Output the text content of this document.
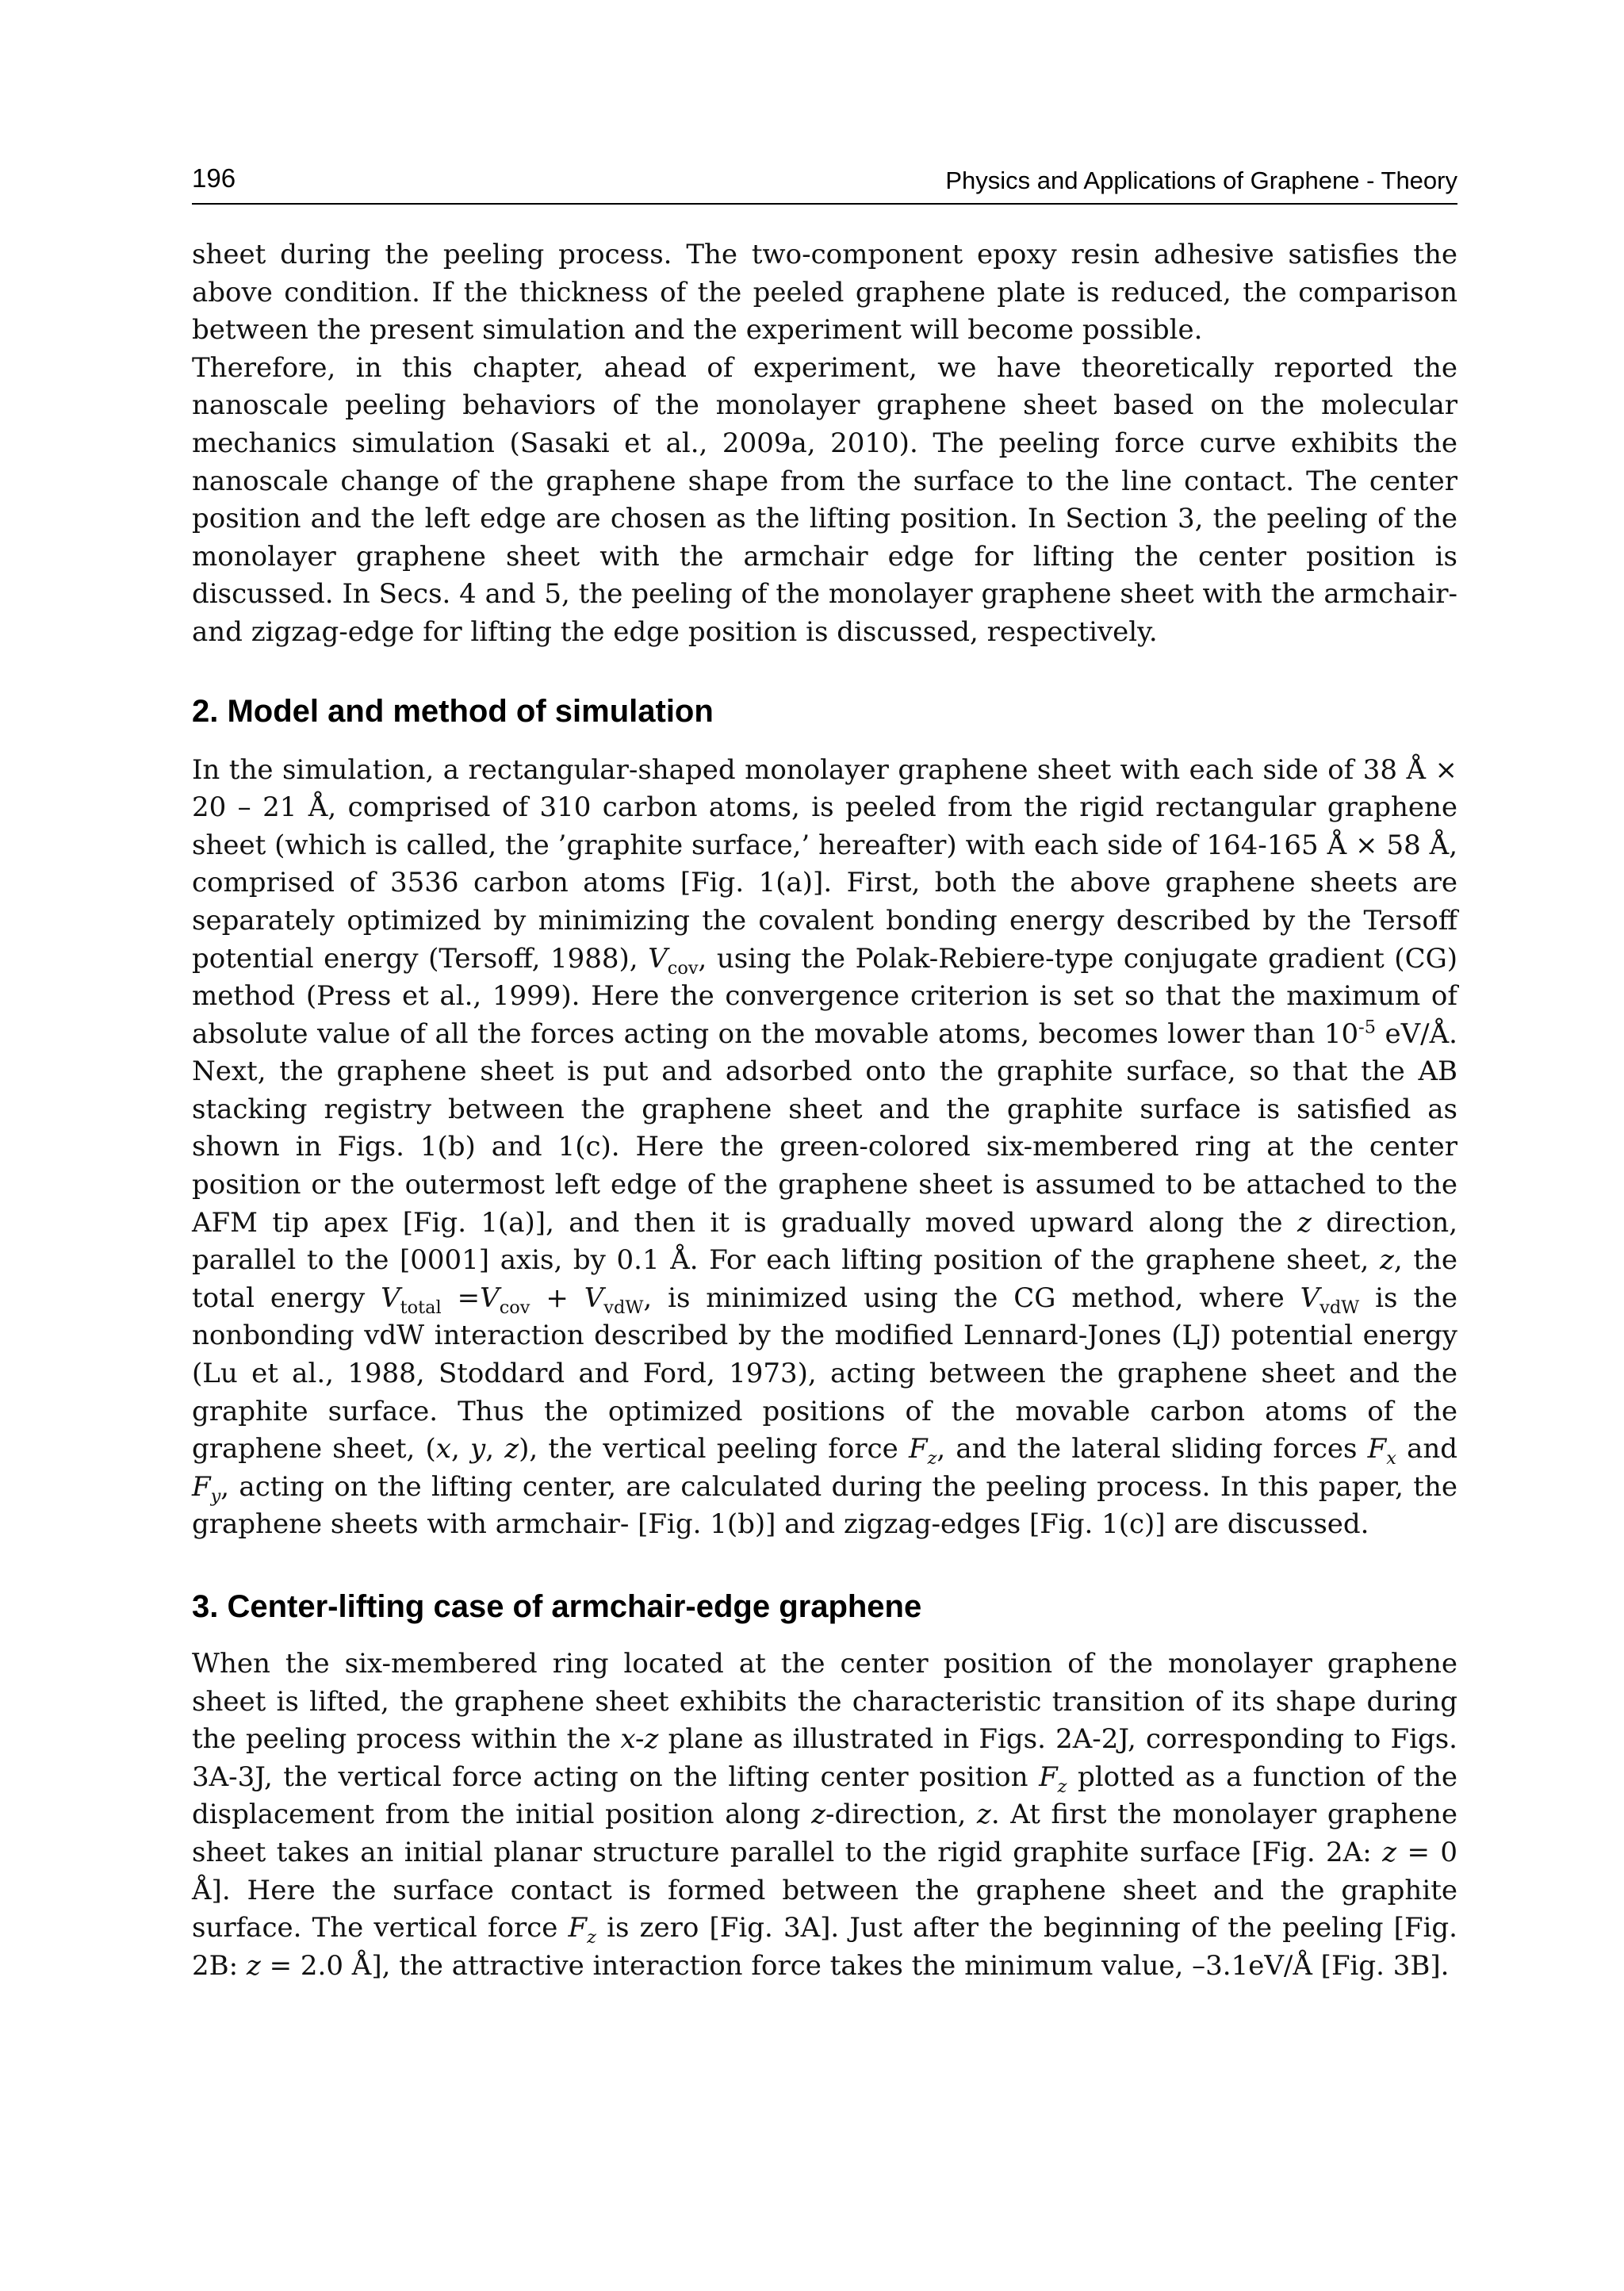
196	Physics and Applications of Graphene - Theory

sheet during the peeling process. The two-component epoxy resin adhesive satisfies the above condition. If the thickness of the peeled graphene plate is reduced, the comparison between the present simulation and the experiment will become possible.

Therefore, in this chapter, ahead of experiment, we have theoretically reported the nanoscale peeling behaviors of the monolayer graphene sheet based on the molecular mechanics simulation (Sasaki et al., 2009a, 2010). The peeling force curve exhibits the nanoscale change of the graphene shape from the surface to the line contact. The center position and the left edge are chosen as the lifting position. In Section 3, the peeling of the monolayer graphene sheet with the armchair edge for lifting the center position is discussed. In Secs. 4 and 5, the peeling of the monolayer graphene sheet with the armchair- and zigzag-edge for lifting the edge position is discussed, respectively.

2. Model and method of simulation

In the simulation, a rectangular-shaped monolayer graphene sheet with each side of 38 Å × 20 – 21 Å, comprised of 310 carbon atoms, is peeled from the rigid rectangular graphene sheet (which is called, the ’graphite surface,’ hereafter) with each side of 164-165 Å × 58 Å, comprised of 3536 carbon atoms [Fig. 1(a)]. First, both the above graphene sheets are separately optimized by minimizing the covalent bonding energy described by the Tersoff potential energy (Tersoff, 1988), $V_{cov}$, using the Polak-Rebiere-type conjugate gradient (CG) method (Press et al., 1999). Here the convergence criterion is set so that the maximum of absolute value of all the forces acting on the movable atoms, becomes lower than $10^{-5}$ eV/Å. Next, the graphene sheet is put and adsorbed onto the graphite surface, so that the AB stacking registry between the graphene sheet and the graphite surface is satisfied as shown in Figs. 1(b) and 1(c). Here the green-colored six-membered ring at the center position or the outermost left edge of the graphene sheet is assumed to be attached to the AFM tip apex [Fig. 1(a)], and then it is gradually moved upward along the z direction, parallel to the [0001] axis, by 0.1 Å. For each lifting position of the graphene sheet, z, the total energy $V_{total} =V_{cov} + V_{vdW}$, is minimized using the CG method, where $V_{vdW}$ is the nonbonding vdW interaction described by the modified Lennard-Jones (LJ) potential energy (Lu et al., 1988, Stoddard and Ford, 1973), acting between the graphene sheet and the graphite surface. Thus the optimized positions of the movable carbon atoms of the graphene sheet, (x, y, z), the vertical peeling force $F_z$, and the lateral sliding forces $F_x$ and $F_y$, acting on the lifting center, are calculated during the peeling process. In this paper, the graphene sheets with armchair- [Fig. 1(b)] and zigzag-edges [Fig. 1(c)] are discussed.

3. Center-lifting case of armchair-edge graphene

When the six-membered ring located at the center position of the monolayer graphene sheet is lifted, the graphene sheet exhibits the characteristic transition of its shape during the peeling process within the x-z plane as illustrated in Figs. 2A-2J, corresponding to Figs. 3A-3J, the vertical force acting on the lifting center position $F_z$ plotted as a function of the displacement from the initial position along z-direction, z. At first the monolayer graphene sheet takes an initial planar structure parallel to the rigid graphite surface [Fig. 2A: z = 0 Å]. Here the surface contact is formed between the graphene sheet and the graphite surface. The vertical force $F_z$ is zero [Fig. 3A]. Just after the beginning of the peeling [Fig. 2B: z = 2.0 Å], the attractive interaction force takes the minimum value, –3.1eV/Å [Fig. 3B].
